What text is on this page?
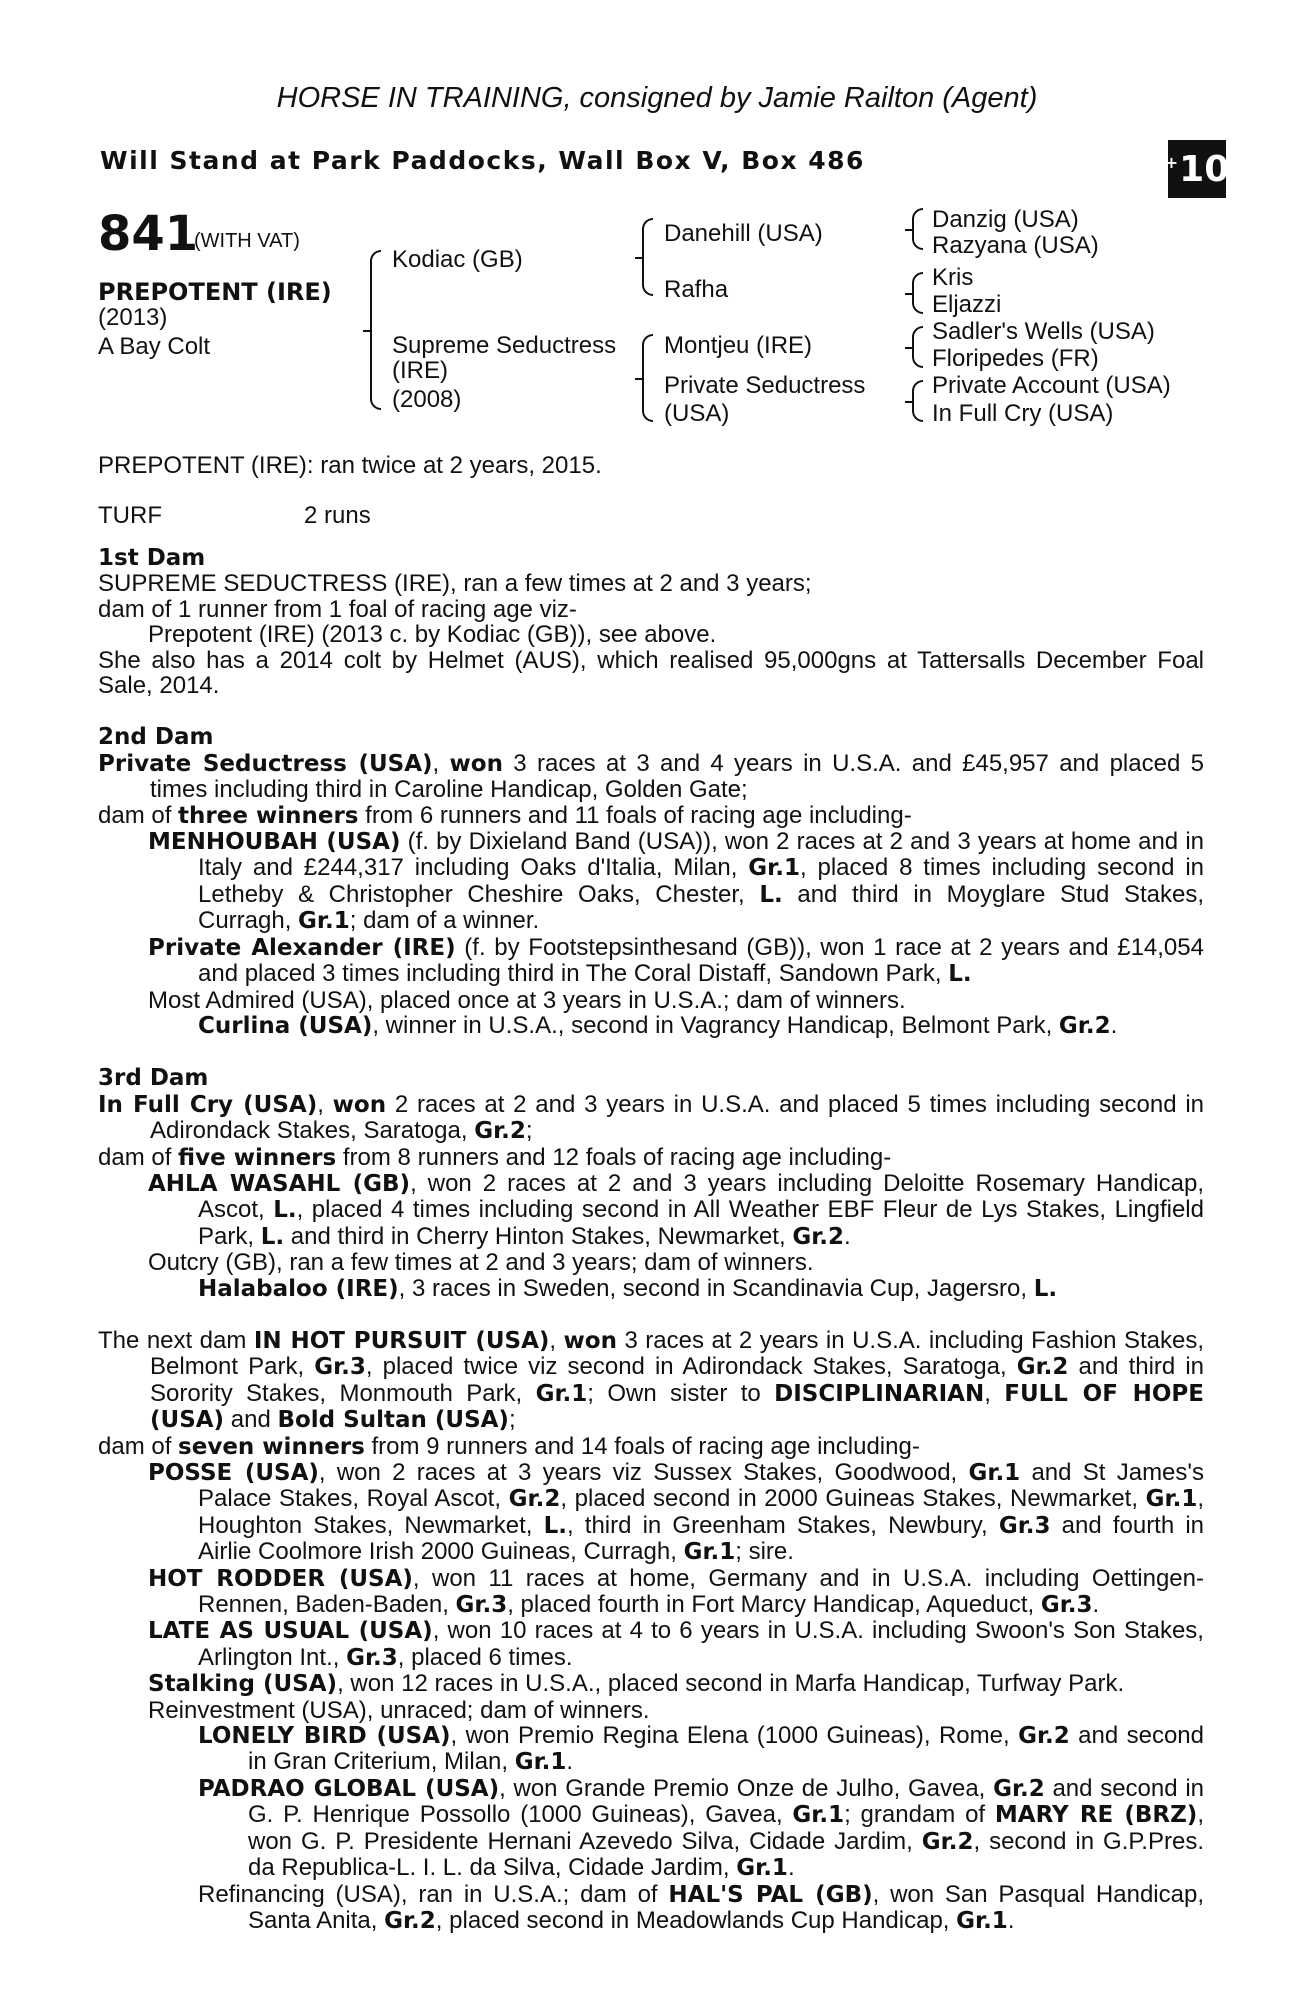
HORSE IN TRAINING, consigned by Jamie Railton (Agent)
Will Stand at Park Paddocks, Wall Box V, Box 486	+ 10
841
(WITH VAT)
PREPOTENT (IRE)
(2013)
A Bay Colt
Kodiac (GB)
Supreme Seductress
(IRE)
(2008)
Danehill (USA)
Rafha
Montjeu (IRE)
Private Seductress
(USA)
Danzig (USA)
Razyana (USA)
Kris
Eljazzi
Sadler's Wells (USA)
Floripedes (FR)
Private Account (USA)
In Full Cry (USA)
PREPOTENT (IRE): ran twice at 2 years, 2015.
TURF	2 runs

1st Dam

SUPREME SEDUCTRESS (IRE), ran a few times at 2 and 3 years;

dam of 1 runner from 1 foal of racing age viz-

Prepotent (IRE) (2013 c. by Kodiac (GB)), see above.

She also has a 2014 colt by Helmet (AUS), which realised 95,000gns at Tattersalls December Foal Sale, 2014.

2nd Dam

Private Seductress (USA), won 3 races at 3 and 4 years in U.S.A. and £45,957 and placed 5 times including third in Caroline Handicap, Golden Gate;

dam of three winners from 6 runners and 11 foals of racing age including-

MENHOUBAH (USA) (f. by Dixieland Band (USA)), won 2 races at 2 and 3 years at home and in Italy and £244,317 including Oaks d'Italia, Milan, Gr.1, placed 8 times including second in Letheby & Christopher Cheshire Oaks, Chester, L. and third in Moyglare Stud Stakes, Curragh, Gr.1; dam of a winner.

Private Alexander (IRE) (f. by Footstepsinthesand (GB)), won 1 race at 2 years and £14,054 and placed 3 times including third in The Coral Distaff, Sandown Park, L.

Most Admired (USA), placed once at 3 years in U.S.A.; dam of winners.

Curlina (USA), winner in U.S.A., second in Vagrancy Handicap, Belmont Park, Gr.2.

3rd Dam

In Full Cry (USA), won 2 races at 2 and 3 years in U.S.A. and placed 5 times including second in Adirondack Stakes, Saratoga, Gr.2;

dam of five winners from 8 runners and 12 foals of racing age including-

AHLA WASAHL (GB), won 2 races at 2 and 3 years including Deloitte Rosemary Handicap, Ascot, L., placed 4 times including second in All Weather EBF Fleur de Lys Stakes, Lingfield Park, L. and third in Cherry Hinton Stakes, Newmarket, Gr.2.

Outcry (GB), ran a few times at 2 and 3 years; dam of winners.

Halabaloo (IRE), 3 races in Sweden, second in Scandinavia Cup, Jagersro, L.

The next dam IN HOT PURSUIT (USA), won 3 races at 2 years in U.S.A. including Fashion Stakes, Belmont Park, Gr.3, placed twice viz second in Adirondack Stakes, Saratoga, Gr.2 and third in Sorority Stakes, Monmouth Park, Gr.1; Own sister to DISCIPLINARIAN, FULL OF HOPE (USA) and Bold Sultan (USA);

dam of seven winners from 9 runners and 14 foals of racing age including-

POSSE (USA), won 2 races at 3 years viz Sussex Stakes, Goodwood, Gr.1 and St James's Palace Stakes, Royal Ascot, Gr.2, placed second in 2000 Guineas Stakes, Newmarket, Gr.1, Houghton Stakes, Newmarket, L., third in Greenham Stakes, Newbury, Gr.3 and fourth in Airlie Coolmore Irish 2000 Guineas, Curragh, Gr.1; sire.

HOT RODDER (USA), won 11 races at home, Germany and in U.S.A. including Oettingen-Rennen, Baden-Baden, Gr.3, placed fourth in Fort Marcy Handicap, Aqueduct, Gr.3.

LATE AS USUAL (USA), won 10 races at 4 to 6 years in U.S.A. including Swoon's Son Stakes, Arlington Int., Gr.3, placed 6 times.

Stalking (USA), won 12 races in U.S.A., placed second in Marfa Handicap, Turfway Park.

Reinvestment (USA), unraced; dam of winners.

LONELY BIRD (USA), won Premio Regina Elena (1000 Guineas), Rome, Gr.2 and second in Gran Criterium, Milan, Gr.1.

PADRAO GLOBAL (USA), won Grande Premio Onze de Julho, Gavea, Gr.2 and second in G. P. Henrique Possollo (1000 Guineas), Gavea, Gr.1; grandam of MARY RE (BRZ), won G. P. Presidente Hernani Azevedo Silva, Cidade Jardim, Gr.2, second in G.P.Pres. da Republica-L. I. L. da Silva, Cidade Jardim, Gr.1.

Refinancing (USA), ran in U.S.A.; dam of HAL'S PAL (GB), won San Pasqual Handicap, Santa Anita, Gr.2, placed second in Meadowlands Cup Handicap, Gr.1.
